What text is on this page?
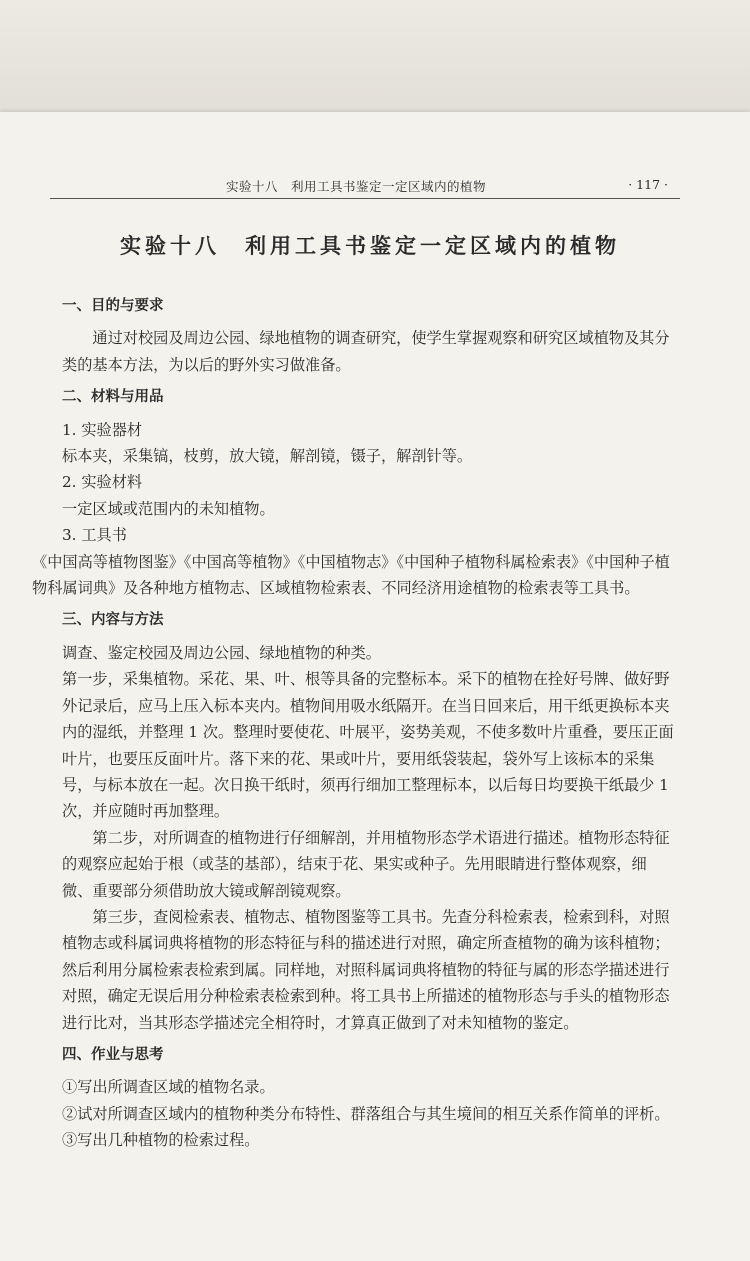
实验十八　利用工具书鉴定一定区域内的植物	· 117 ·
实验十八　利用工具书鉴定一定区域内的植物
一、目的与要求

通过对校园及周边公园、绿地植物的调查研究，使学生掌握观察和研究区域植物及其分类的基本方法，为以后的野外实习做准备。

二、材料与用品

1. 实验器材

标本夹，采集镐，枝剪，放大镜，解剖镜，镊子，解剖针等。

2. 实验材料

一定区域或范围内的未知植物。

3. 工具书

《中国高等植物图鉴》《中国高等植物》《中国植物志》《中国种子植物科属检索表》《中国种子植物科属词典》及各种地方植物志、区域植物检索表、不同经济用途植物的检索表等工具书。

三、内容与方法

调查、鉴定校园及周边公园、绿地植物的种类。

第一步，采集植物。采花、果、叶、根等具备的完整标本。采下的植物在拴好号牌、做好野外记录后，应马上压入标本夹内。植物间用吸水纸隔开。在当日回来后，用干纸更换标本夹内的湿纸，并整理 1 次。整理时要使花、叶展平，姿势美观，不使多数叶片重叠，要压正面叶片，也要压反面叶片。落下来的花、果或叶片，要用纸袋装起，袋外写上该标本的采集号，与标本放在一起。次日换干纸时，须再行细加工整理标本，以后每日均要换干纸最少 1 次，并应随时再加整理。

第二步，对所调查的植物进行仔细解剖，并用植物形态学术语进行描述。植物形态特征的观察应起始于根（或茎的基部），结束于花、果实或种子。先用眼睛进行整体观察，细微、重要部分须借助放大镜或解剖镜观察。

第三步，查阅检索表、植物志、植物图鉴等工具书。先查分科检索表，检索到科，对照植物志或科属词典将植物的形态特征与科的描述进行对照，确定所查植物的确为该科植物；然后利用分属检索表检索到属。同样地，对照科属词典将植物的特征与属的形态学描述进行对照，确定无误后用分种检索表检索到种。将工具书上所描述的植物形态与手头的植物形态进行比对，当其形态学描述完全相符时，才算真正做到了对未知植物的鉴定。

四、作业与思考

①写出所调查区域的植物名录。

②试对所调查区域内的植物种类分布特性、群落组合与其生境间的相互关系作简单的评析。

③写出几种植物的检索过程。
